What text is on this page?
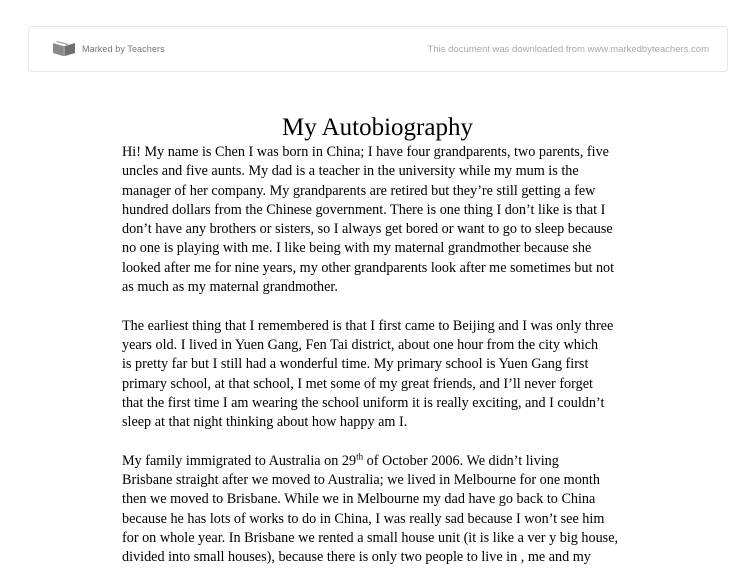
Marked by Teachers	This document was downloaded from www.markedbyteachers.com
My Autobiography

Hi! My name is Chen I was born in China; I have four grandparents, two parents, five
uncles and five aunts. My dad is a teacher in the university while my mum is the
manager of her company. My grandparents are retired but they’re still getting a few
hundred dollars from the Chinese government. There is one thing I don’t like is that I
don’t have any brothers or sisters, so I always get bored or want to go to sleep because
no one is playing with me. I like being with my maternal grandmother because she
looked after me for nine years, my other grandparents look after me sometimes but not
as much as my maternal grandmother.

The earliest thing that I remembered is that I first came to Beijing and I was only three
years old. I lived in Yuen Gang, Fen Tai district, about one hour from the city which
is pretty far but I still had a wonderful time. My primary school is Yuen Gang first
primary school, at that school, I met some of my great friends, and I’ll never forget
that the first time I am wearing the school uniform it is really exciting, and I couldn’t
sleep at that night thinking about how happy am I.

My family immigrated to Australia on 29th of October 2006. We didn’t living
Brisbane straight after we moved to Australia; we lived in Melbourne for one month
then we moved to Brisbane. While we in Melbourne my dad have go back to China
because he has lots of works to do in China, I was really sad because I won’t see him
for on whole year. In Brisbane we rented a small house unit (it is like a ver y big house,
divided into small houses), because there is only two people to live in , me and my
